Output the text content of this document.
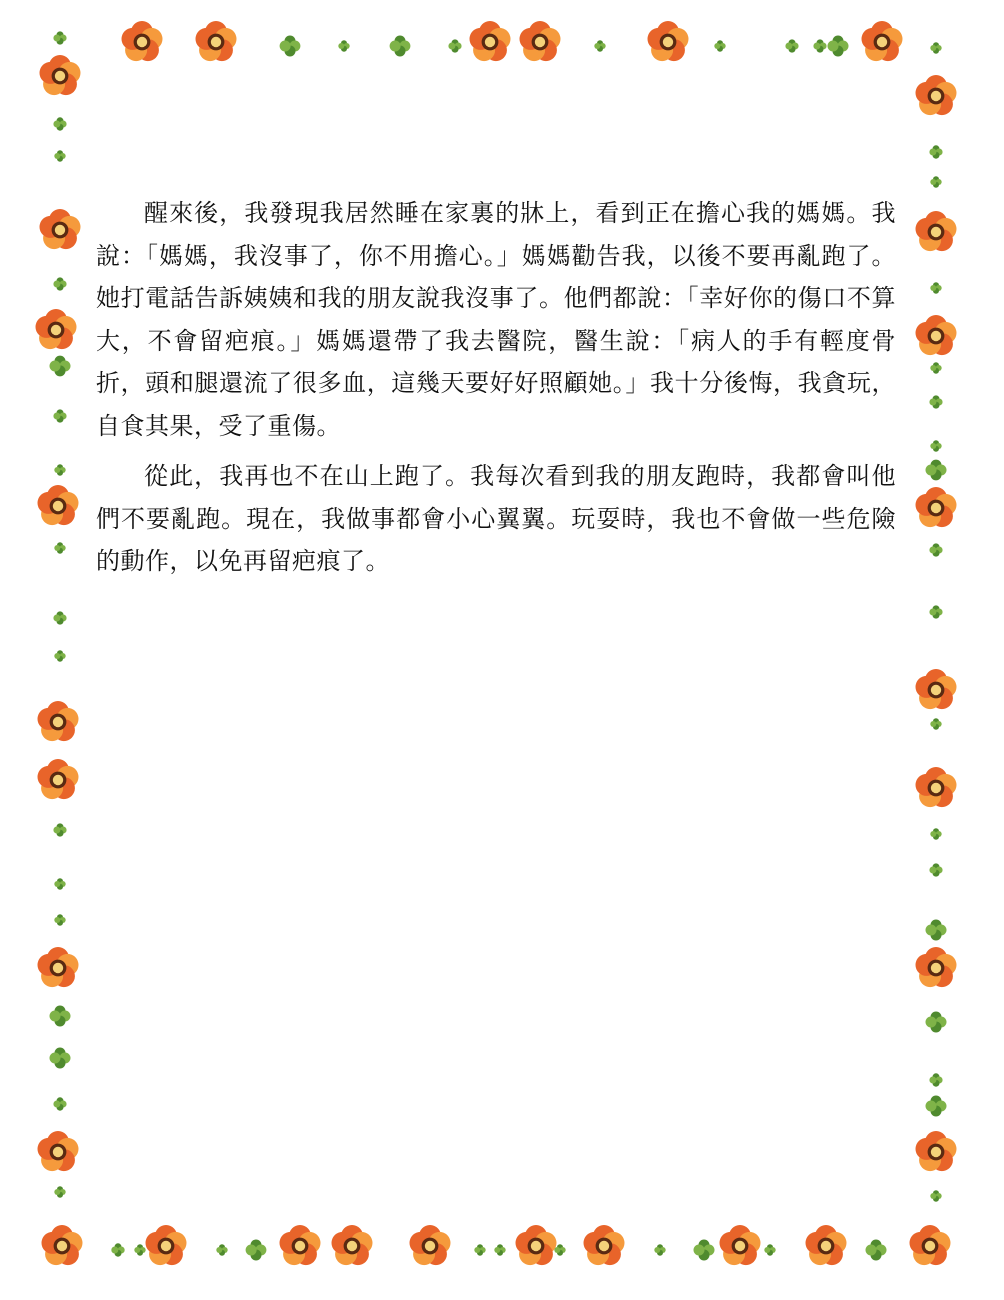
醒來後，我發現我居然睡在家裏的牀上，看到正在擔心我的媽媽。我說：「媽媽，我沒事了，你不用擔心。」媽媽勸告我，以後不要再亂跑了。她打電話告訴姨姨和我的朋友說我沒事了。他們都說：「幸好你的傷口不算大，不會留疤痕。」媽媽還帶了我去醫院，醫生說：「病人的手有輕度骨折，頭和腿還流了很多血，這幾天要好好照顧她。」我十分後悔，我貪玩，自食其果，受了重傷。

從此，我再也不在山上跑了。我每次看到我的朋友跑時，我都會叫他們不要亂跑。現在，我做事都會小心翼翼。玩耍時，我也不會做一些危險的動作，以免再留疤痕了。
